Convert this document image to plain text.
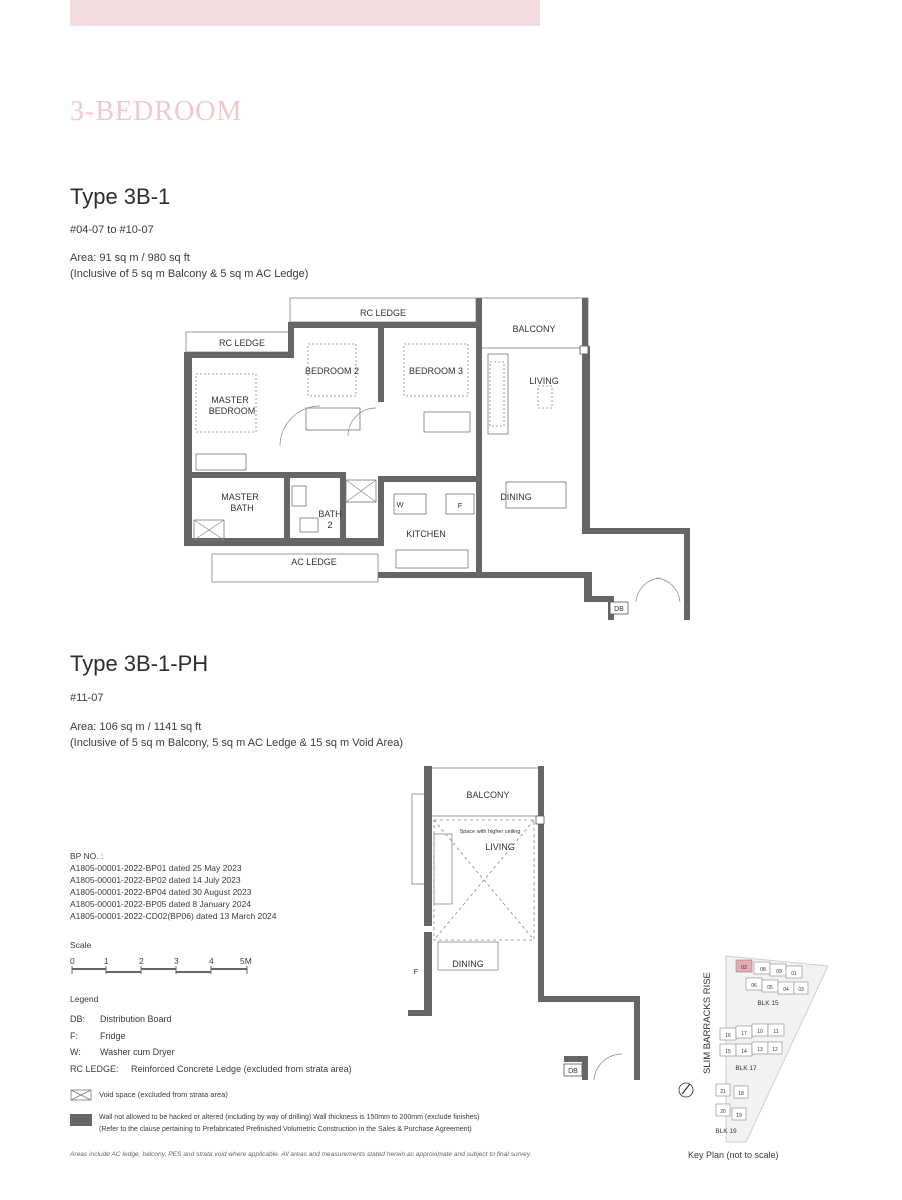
3-BEDROOM
Type 3B-1
#04-07 to #10-07
Area: 91 sq m / 980 sq ft
(Inclusive of 5 sq m Balcony & 5 sq m AC Ledge)
RC LEDGE
RC LEDGE
BALCONY
LIVING
BEDROOM 2	BEDROOM 3
MASTER
BEDROOM
MASTER
BATH
BATH
2
DINING
KITCHEN
AC LEDGE
W	F
DB
Type 3B-1-PH
#11-07
Area: 106 sq m / 1141 sq ft
(Inclusive of 5 sq m Balcony, 5 sq m AC Ledge & 15 sq m Void Area)
BALCONY
Space with higher ceiling
LIVING
DINING
F
DB
BP NO. :
A1805-00001-2022-BP01 dated 25 May 2023
A1805-00001-2022-BP02 dated 14 July 2023
A1805-00001-2022-BP04 dated 30 August 2023
A1805-00001-2022-BP05 dated 8 January 2024
A1805-00001-2022-CD02(BP06) dated 13 March 2024
Scale
0	1	2	3	4	5M
Legend
DB:	Distribution Board
F:	Fridge
W:	Washer cum Dryer
RC LEDGE:	Reinforced Concrete Ledge (excluded from strata area)
Void space (excluded from strata area)
Wall not allowed to be hacked or altered (including by way of drilling) Wall thickness is 150mm to 200mm (exclude finishes)
(Refer to the clause pertaining to Prefabricated Prefinished Volumetric Construction in the Sales & Purchase Agreement)
Areas include AC ledge, balcony, PES and strata void where applicable. All areas and measurements stated herein as approximate and subject to final survey.
08 09 01
06 05 04 03
02
16 17 10 11
15 14 13 12
21 18
20
19
BLK 15
BLK 17
BLK 19
SLIM BARRACKS RISE
Key Plan (not to scale)
